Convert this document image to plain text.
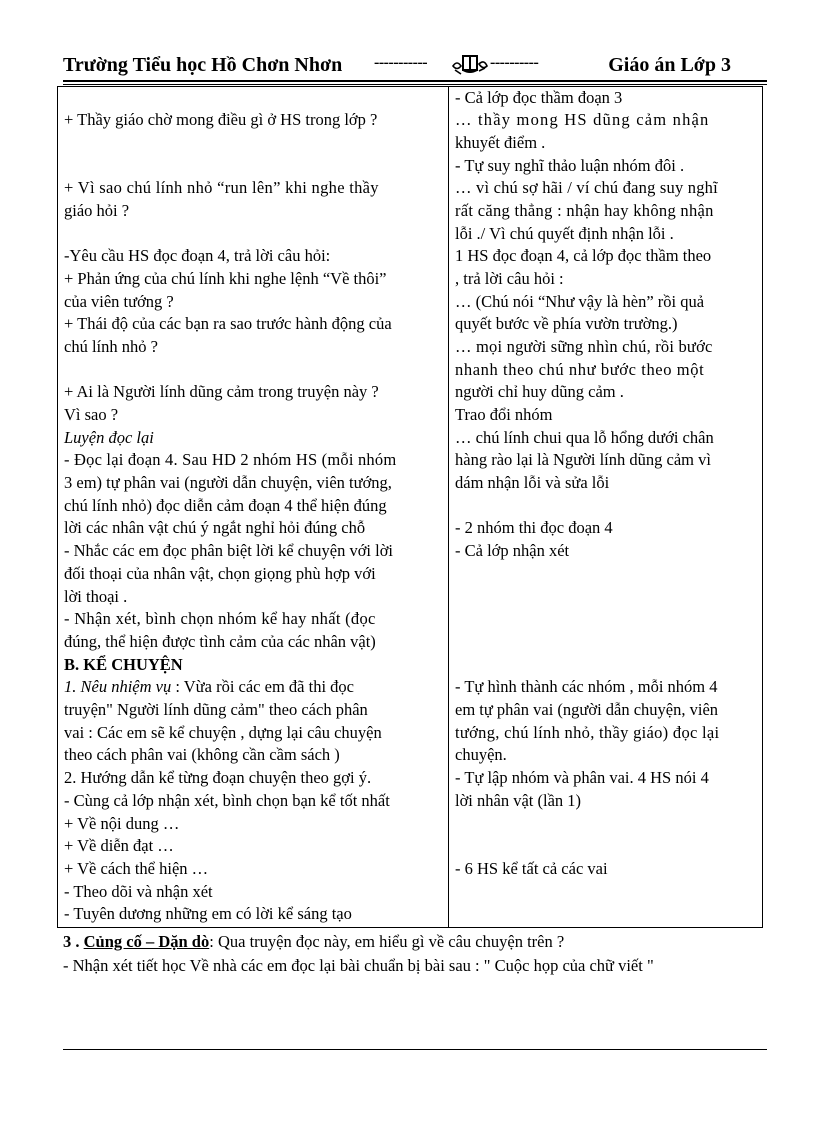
Trường Tiểu học Hồ Chơn Nhơn -----------	----------	Giáo án Lớp 3
+ Thầy giáo chờ mong điều gì ở HS trong lớp ?
+ Vì sao chú lính nhỏ “run lên” khi nghe thầy
giáo hỏi ?
-Yêu cầu HS đọc đoạn 4, trả lời câu hỏi:
+ Phản ứng của chú lính khi nghe lệnh “Về thôi”
của viên tướng ?
+ Thái độ của các bạn ra sao trước hành động của
chú lính nhỏ ?
+ Ai là Người lính dũng cảm trong truyện này ?
Vì sao ?
Luyện đọc lại
- Đọc lại đoạn 4. Sau HD 2 nhóm HS (mỗi nhóm
3 em) tự phân vai (người dẫn chuyện, viên tướng,
chú lính nhỏ) đọc diễn cảm đoạn 4 thể hiện đúng
lời các nhân vật chú ý ngắt nghỉ hỏi đúng chỗ
- Nhắc các em đọc phân biệt lời kể chuyện với lời
đối thoại của nhân vật, chọn giọng phù hợp với
lời thoại .
- Nhận xét, bình chọn nhóm kể hay nhất (đọc
đúng, thể hiện được tình cảm của các nhân vật)
B. KỂ CHUYỆN
1. Nêu nhiệm vụ : Vừa rồi các em đã thi đọc
truyện" Người lính dũng cảm" theo cách phân
vai : Các em sẽ kể chuyện , dựng lại câu chuyện
theo cách phân vai (không cần cầm sách )
2. Hướng dẫn kể từng đoạn chuyện theo gợi ý.
- Cùng cả lớp nhận xét, bình chọn bạn kể tốt nhất
+ Về nội dung …
+ Về diễn đạt …
+ Về cách thể hiện …
- Theo dõi và nhận xét
- Tuyên dương những em có lời kể sáng tạo
- Cả lớp đọc thầm đoạn 3
… thầy mong HS dũng cảm nhận
khuyết điểm .
- Tự suy nghĩ thảo luận nhóm đôi .
… vì chú sợ hãi / ví chú đang suy nghĩ
rất căng thẳng : nhận hay không nhận
lỗi ./ Vì chú quyết định nhận lỗi .
1 HS đọc đoạn 4, cả lớp đọc thầm theo
, trả lời câu hỏi :
… (Chú nói “Như vậy là hèn” rồi quả
quyết bước về phía vườn trường.)
… mọi người sững nhìn chú, rồi bước
nhanh theo chú như bước theo một
người chỉ huy dũng cảm .
Trao đổi nhóm
… chú lính chui qua lỗ hổng dưới chân
hàng rào lại là Người lính dũng cảm vì
dám nhận lỗi và sửa lỗi
- 2 nhóm thi đọc đoạn 4
- Cả lớp nhận xét
- Tự hình thành các nhóm , mỗi nhóm 4
em tự phân vai (người dẫn chuyện, viên
tướng, chú lính nhỏ, thầy giáo) đọc lại
chuyện.
- Tự lập nhóm và phân vai. 4 HS nói 4
lời nhân vật (lần 1)
- 6 HS kể tất cả các vai
3 . Củng cố – Dặn dò: Qua truyện đọc này, em hiểu gì về câu chuyện trên ?
- Nhận xét tiết học Về nhà các em đọc lại bài chuẩn bị bài sau : " Cuộc họp của chữ viết "
